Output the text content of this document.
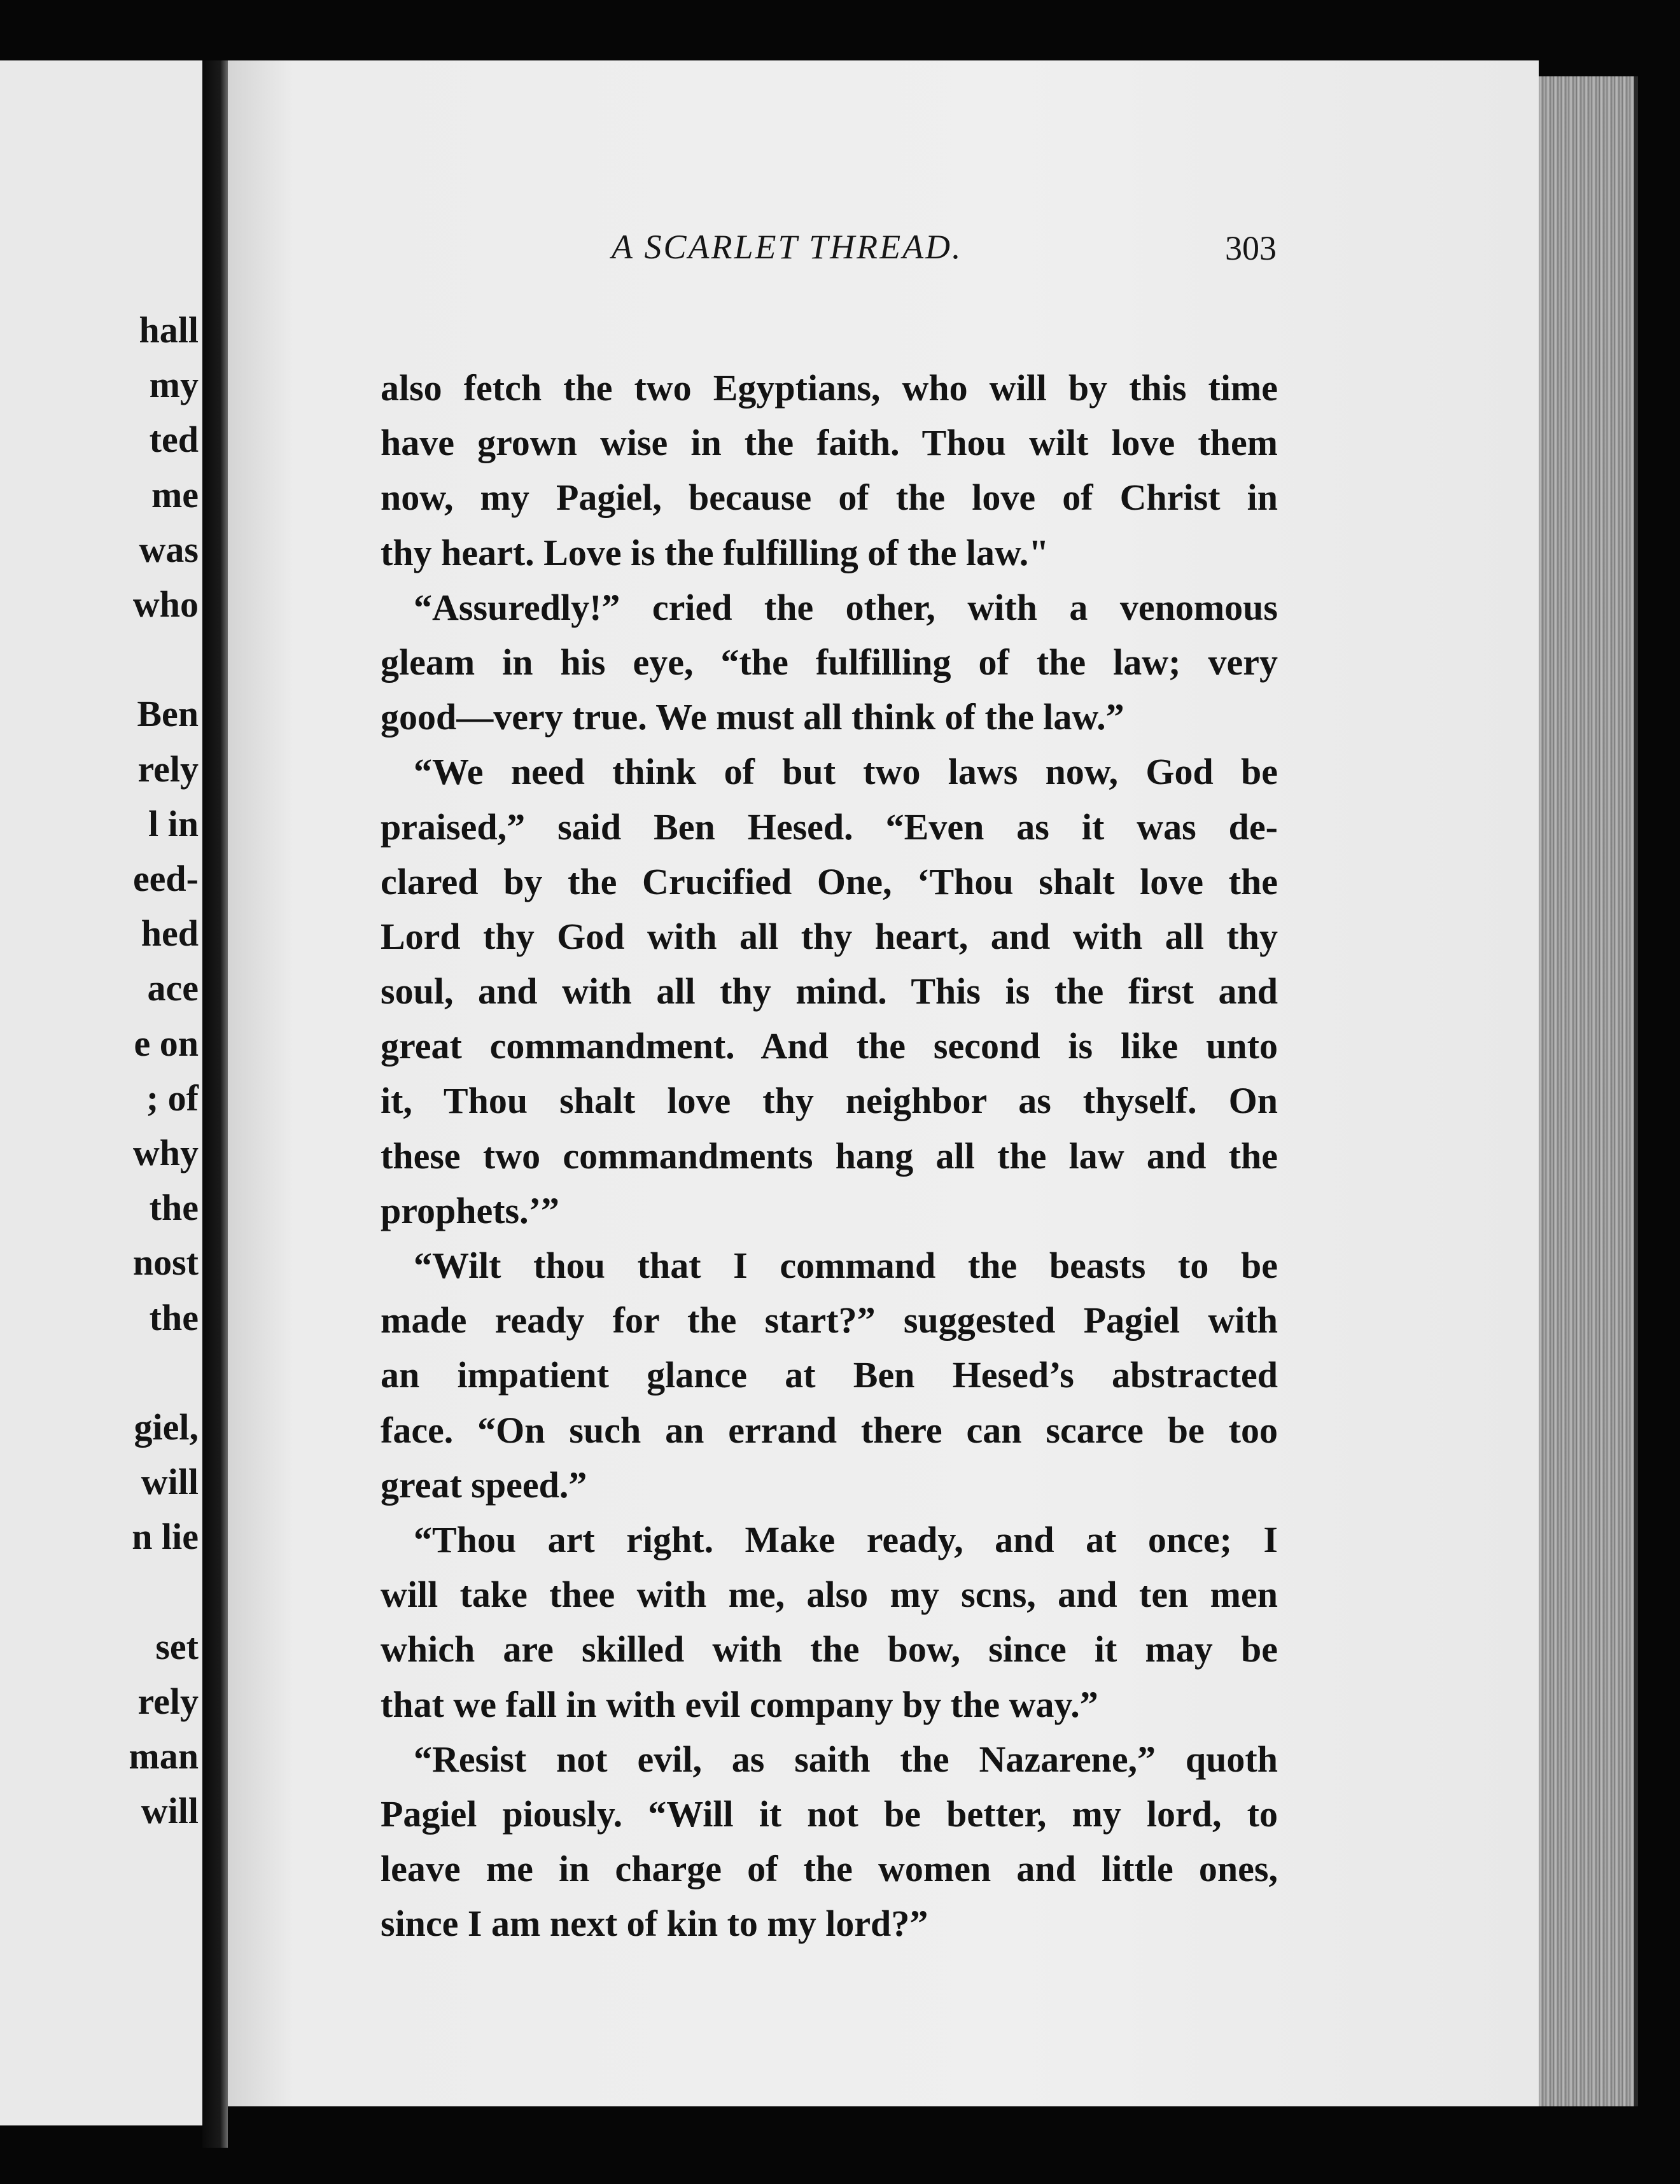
hall

my

ted

me

was

who

Ben

rely

l in

eed-

hed

ace

e on

; of

why

the

nost

the

giel,

will

n lie

set

rely

man

will

A SCARLET THREAD.	303

also fetch the two Egyptians, who will by this time
have grown wise in the faith. Thou wilt love them
now, my Pagiel, because of the love of Christ in
thy heart. Love is the fulfilling of the law."
“Assuredly!” cried the other, with a venomous
gleam in his eye, “the fulfilling of the law; very
good—very true. We must all think of the law.”
“We need think of but two laws now, God be
praised,” said Ben Hesed. “Even as it was de-
clared by the Crucified One, ‘Thou shalt love the
Lord thy God with all thy heart, and with all thy
soul, and with all thy mind. This is the first and
great commandment. And the second is like unto
it, Thou shalt love thy neighbor as thyself. On
these two commandments hang all the law and the
prophets.’”
“Wilt thou that I command the beasts to be
made ready for the start?” suggested Pagiel with
an impatient glance at Ben Hesed’s abstracted
face. “On such an errand there can scarce be too
great speed.”
“Thou art right. Make ready, and at once; I
will take thee with me, also my scns, and ten men
which are skilled with the bow, since it may be
that we fall in with evil company by the way.”
“Resist not evil, as saith the Nazarene,” quoth
Pagiel piously. “Will it not be better, my lord, to
leave me in charge of the women and little ones,
since I am next of kin to my lord?”
